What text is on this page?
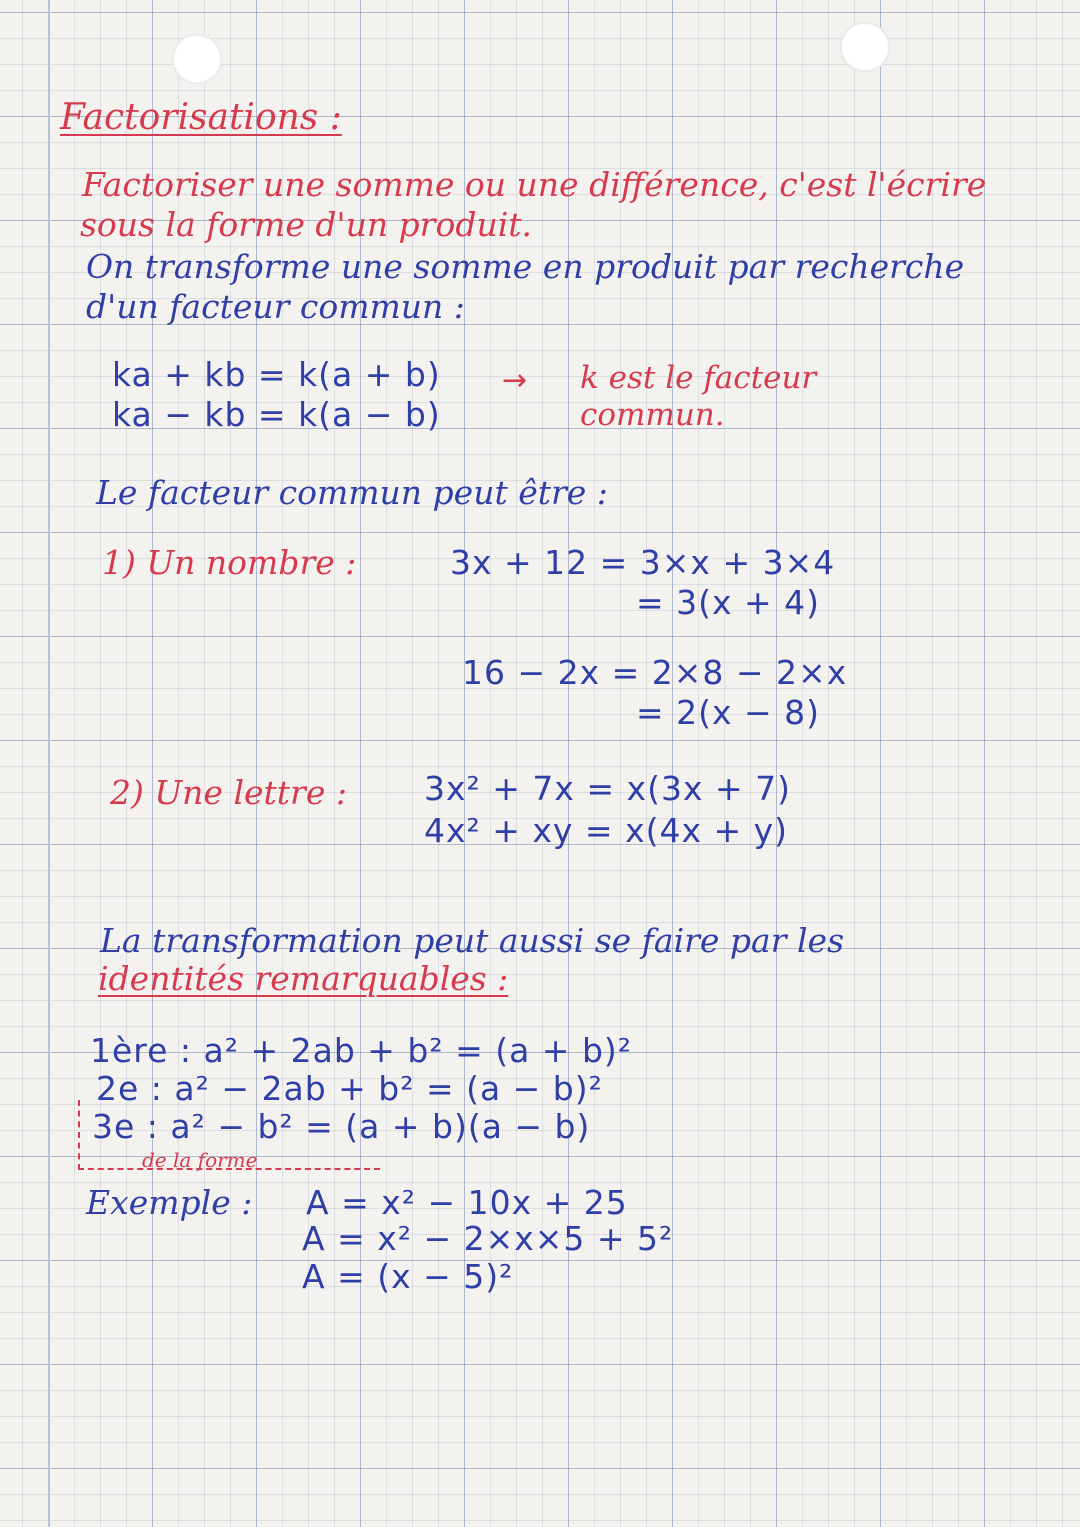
Factorisations :
Factoriser une somme ou une différence, c'est l'écrire
sous la forme d'un produit.
On transforme une somme en produit par recherche
d'un facteur commun :
ka + kb = k(a + b)
ka − kb = k(a − b)
→ k est le facteur commun.
Le facteur commun peut être :
1) Un nombre :	3x + 12 = 3×x + 3×4
= 3(x + 4)
16 − 2x = 2×8 − 2×x
= 2(x − 8)
2) Une lettre : 3x² + 7x = x(3x + 7)
4x² + xy = x(4x + y)
La transformation peut aussi se faire par les
identités remarquables :
1ère : a² + 2ab + b² = (a + b)²
2e : a² − 2ab + b² = (a − b)²
3e : a² − b² = (a + b)(a − b)
de la forme
Exemple : A = x² − 10x + 25
A = x² − 2×x×5 + 5²
A = (x − 5)²
